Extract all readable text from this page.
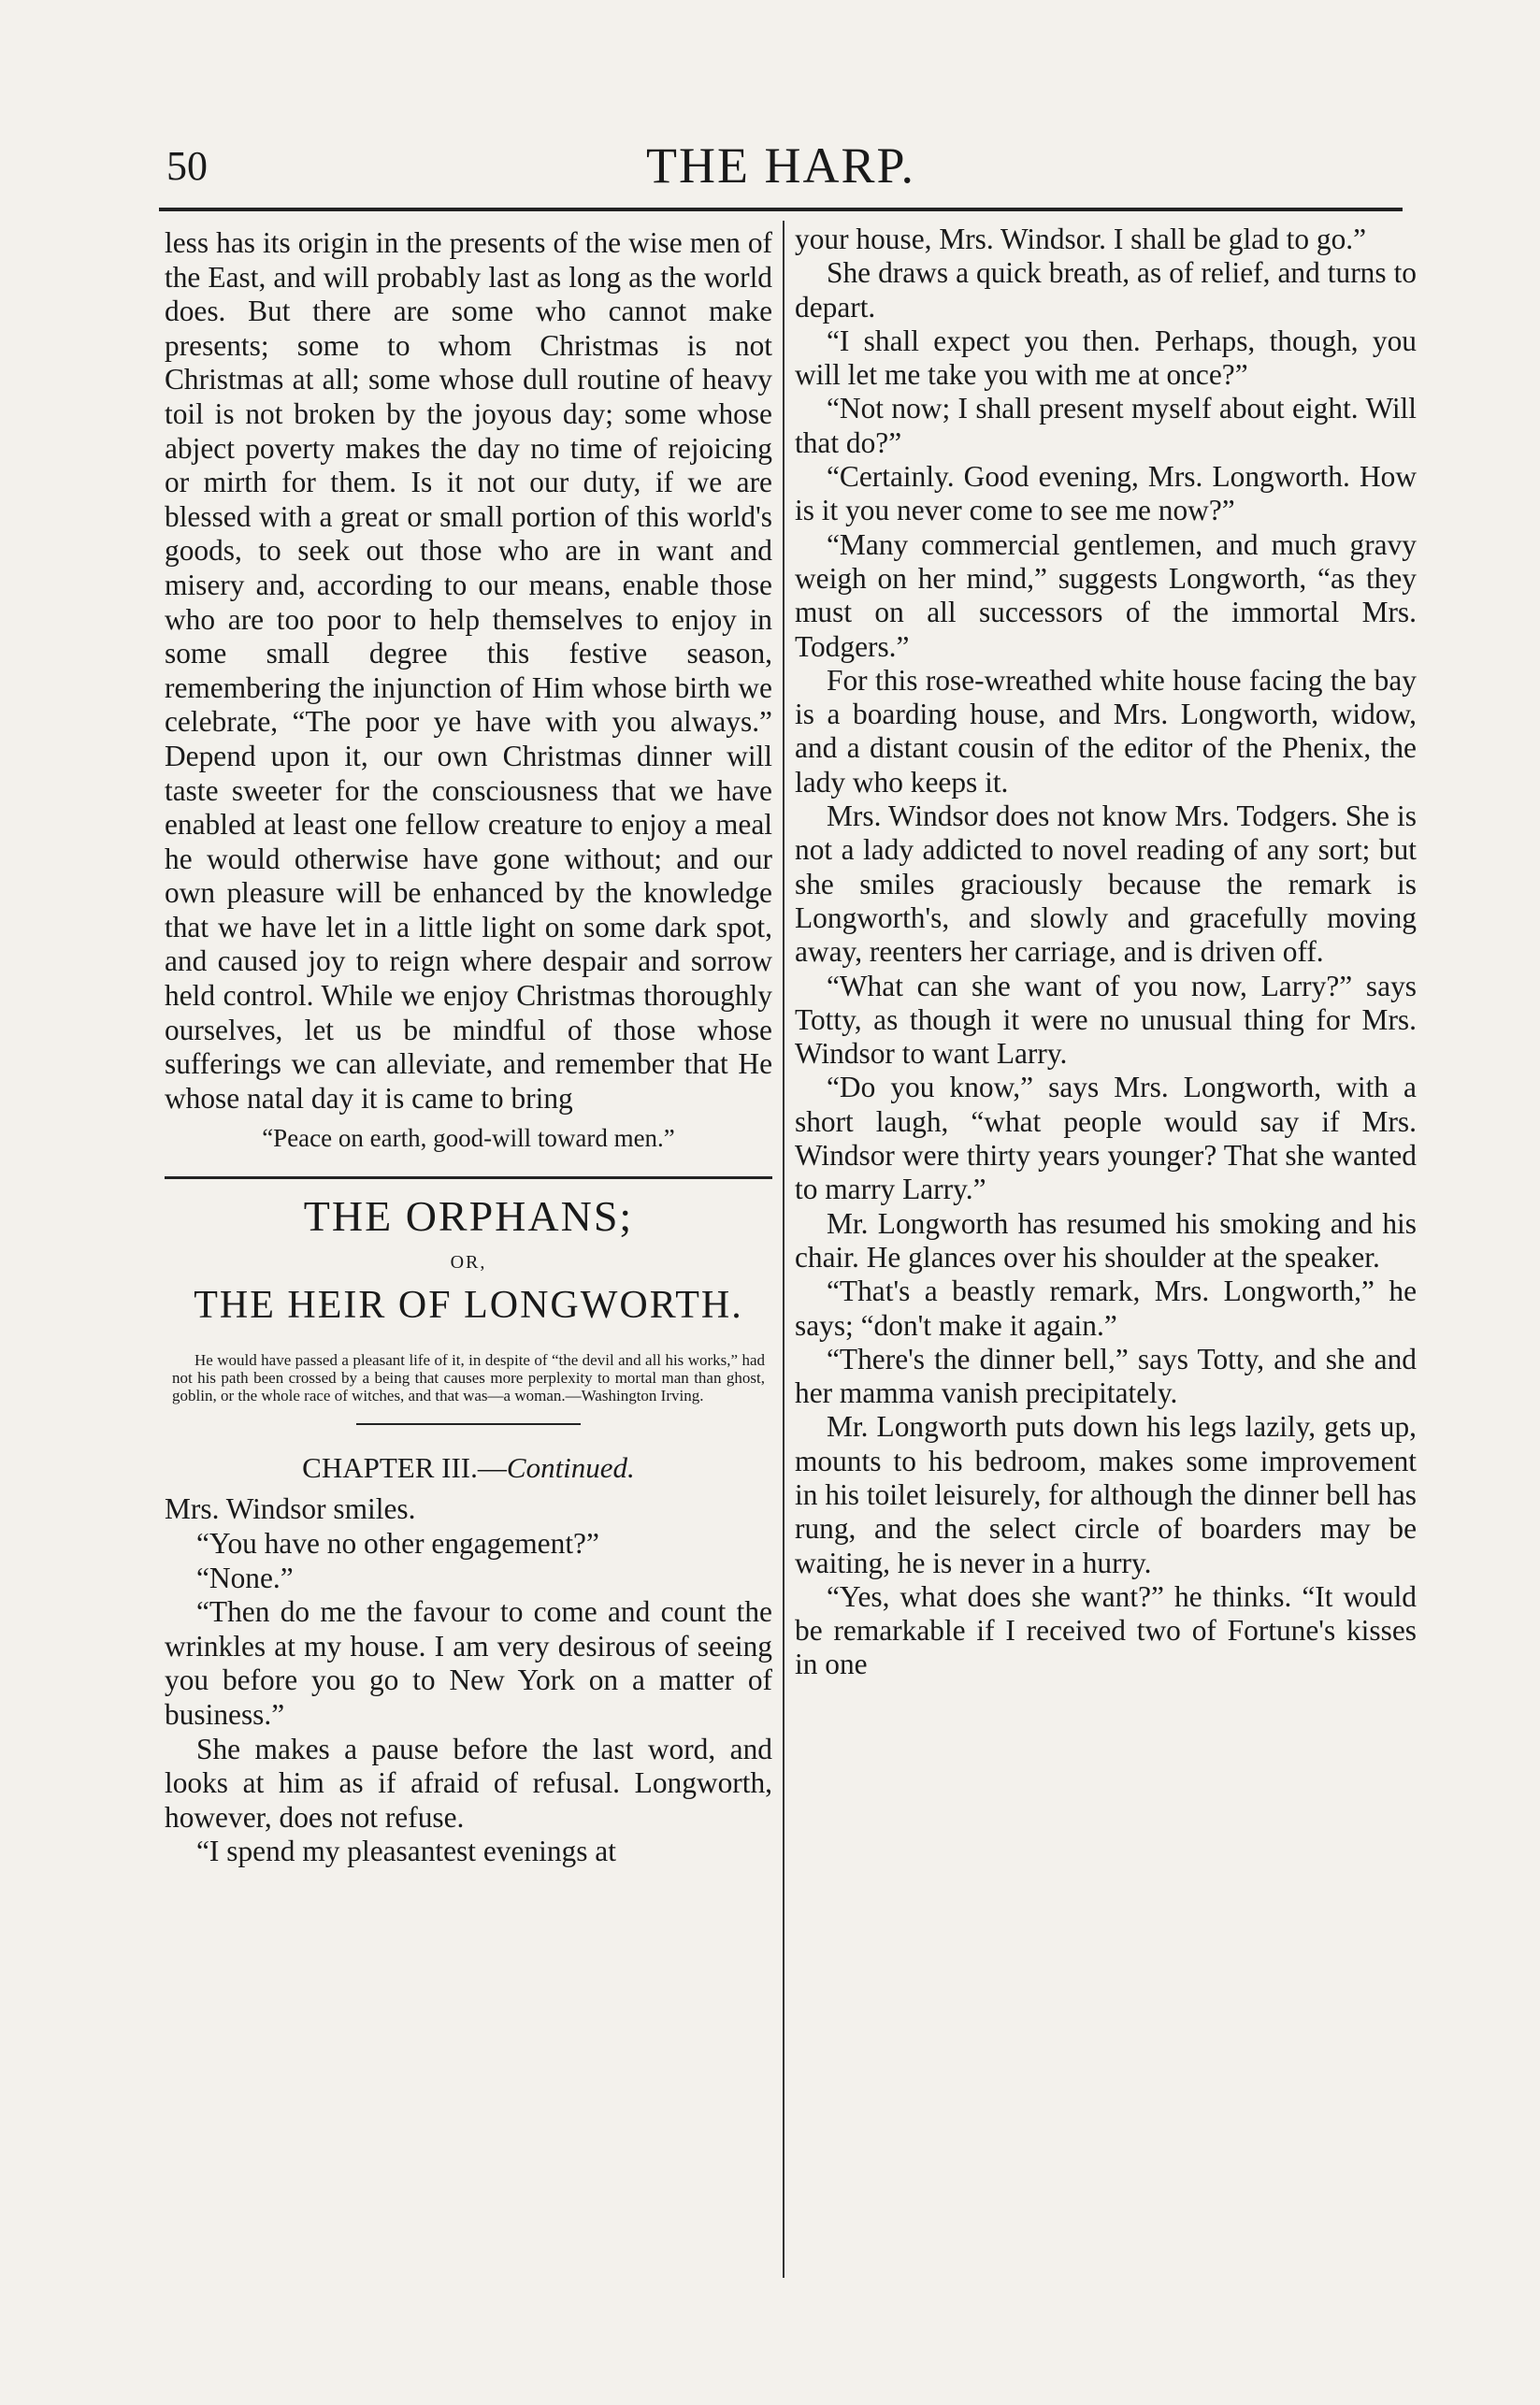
50	THE HARP.

less has its origin in the presents of the wise men of the East, and will probably last as long as the world does. But there are some who cannot make presents; some to whom Christmas is not Christmas at all; some whose dull routine of heavy toil is not broken by the joyous day; some whose abject poverty makes the day no time of rejoicing or mirth for them. Is it not our duty, if we are blessed with a great or small portion of this world's goods, to seek out those who are in want and misery and, according to our means, enable those who are too poor to help themselves to enjoy in some small degree this festive season, remembering the injunction of Him whose birth we celebrate, “The poor ye have with you always.” Depend upon it, our own Christmas dinner will taste sweeter for the consciousness that we have enabled at least one fellow creature to enjoy a meal he would otherwise have gone without; and our own pleasure will be enhanced by the knowledge that we have let in a little light on some dark spot, and caused joy to reign where despair and sorrow held control. While we enjoy Christmas thoroughly ourselves, let us be mindful of those whose sufferings we can alleviate, and remember that He whose natal day it is came to bring

“Peace on earth, good-will toward men.”

THE ORPHANS;
OR,
THE HEIR OF LONGWORTH.

He would have passed a pleasant life of it, in despite of “the devil and all his works,” had not his path been crossed by a being that causes more perplexity to mortal man than ghost, goblin, or the whole race of witches, and that was—a woman.—Washington Irving.

CHAPTER III.—Continued.

Mrs. Windsor smiles.

“You have no other engagement?”

“None.”

“Then do me the favour to come and count the wrinkles at my house. I am very desirous of seeing you before you go to New York on a matter of business.”

She makes a pause before the last word, and looks at him as if afraid of refusal. Longworth, however, does not refuse.

“I spend my pleasantest evenings at

your house, Mrs. Windsor. I shall be glad to go.”

She draws a quick breath, as of relief, and turns to depart.

“I shall expect you then. Perhaps, though, you will let me take you with me at once?”

“Not now; I shall present myself about eight. Will that do?”

“Certainly. Good evening, Mrs. Longworth. How is it you never come to see me now?”

“Many commercial gentlemen, and much gravy weigh on her mind,” suggests Longworth, “as they must on all successors of the immortal Mrs. Todgers.”

For this rose-wreathed white house facing the bay is a boarding house, and Mrs. Longworth, widow, and a distant cousin of the editor of the Phenix, the lady who keeps it.

Mrs. Windsor does not know Mrs. Todgers. She is not a lady addicted to novel reading of any sort; but she smiles graciously because the remark is Longworth's, and slowly and gracefully moving away, reenters her carriage, and is driven off.

“What can she want of you now, Larry?” says Totty, as though it were no unusual thing for Mrs. Windsor to want Larry.

“Do you know,” says Mrs. Longworth, with a short laugh, “what people would say if Mrs. Windsor were thirty years younger? That she wanted to marry Larry.”

Mr. Longworth has resumed his smoking and his chair. He glances over his shoulder at the speaker.

“That's a beastly remark, Mrs. Longworth,” he says; “don't make it again.”

“There's the dinner bell,” says Totty, and she and her mamma vanish precipitately.

Mr. Longworth puts down his legs lazily, gets up, mounts to his bedroom, makes some improvement in his toilet leisurely, for although the dinner bell has rung, and the select circle of boarders may be waiting, he is never in a hurry.

“Yes, what does she want?” he thinks. “It would be remarkable if I received two of Fortune's kisses in one
